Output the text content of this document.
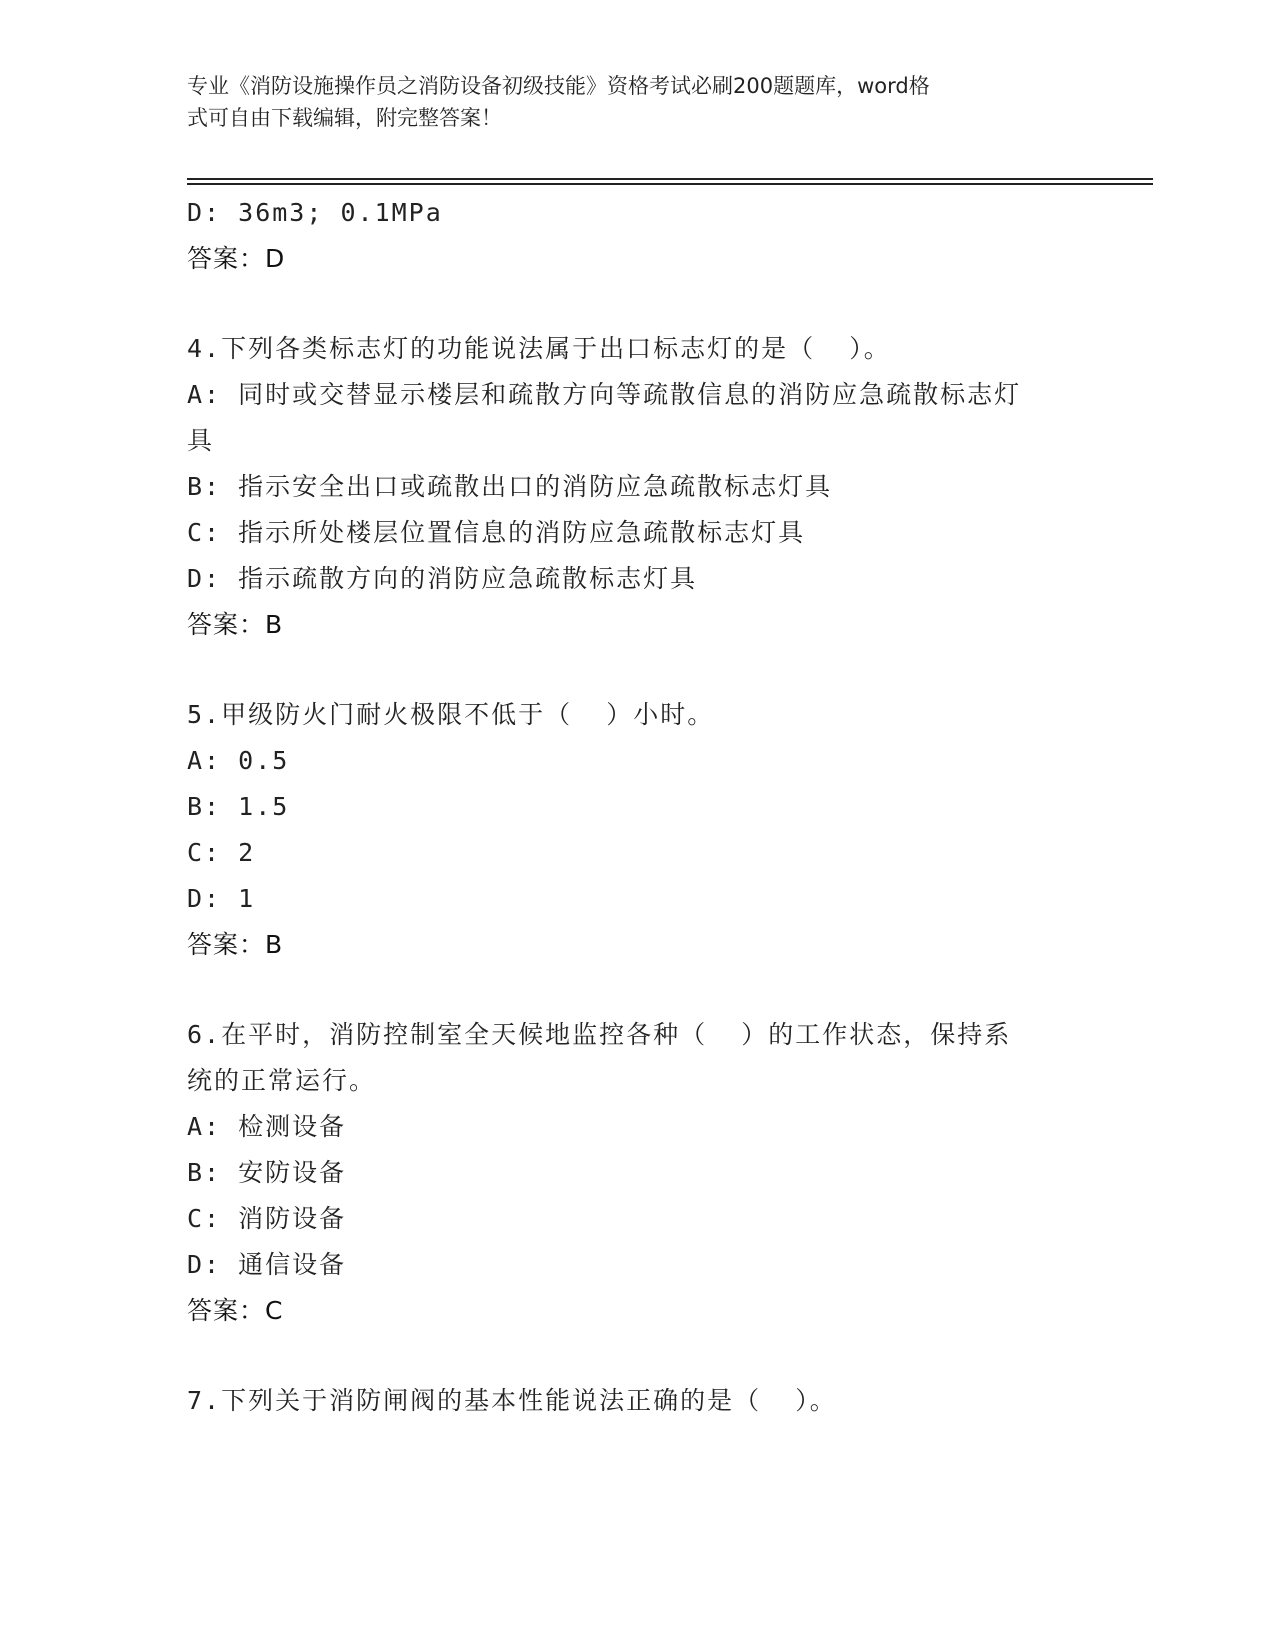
专业《消防设施操作员之消防设备初级技能》资格考试必刷200题题库，word格
式可自由下载编辑，附完整答案！
D: 36m3; 0.1MPa
答案：D
4.下列各类标志灯的功能说法属于出口标志灯的是（  ）。
A: 同时或交替显示楼层和疏散方向等疏散信息的消防应急疏散标志灯
具
B: 指示安全出口或疏散出口的消防应急疏散标志灯具
C: 指示所处楼层位置信息的消防应急疏散标志灯具
D: 指示疏散方向的消防应急疏散标志灯具
答案：B
5.甲级防火门耐火极限不低于（  ）小时。
A: 0.5
B: 1.5
C: 2
D: 1
答案：B
6.在平时，消防控制室全天候地监控各种（  ）的工作状态，保持系
统的正常运行。
A: 检测设备
B: 安防设备
C: 消防设备
D: 通信设备
答案：C
7.下列关于消防闸阀的基本性能说法正确的是（  ）。
